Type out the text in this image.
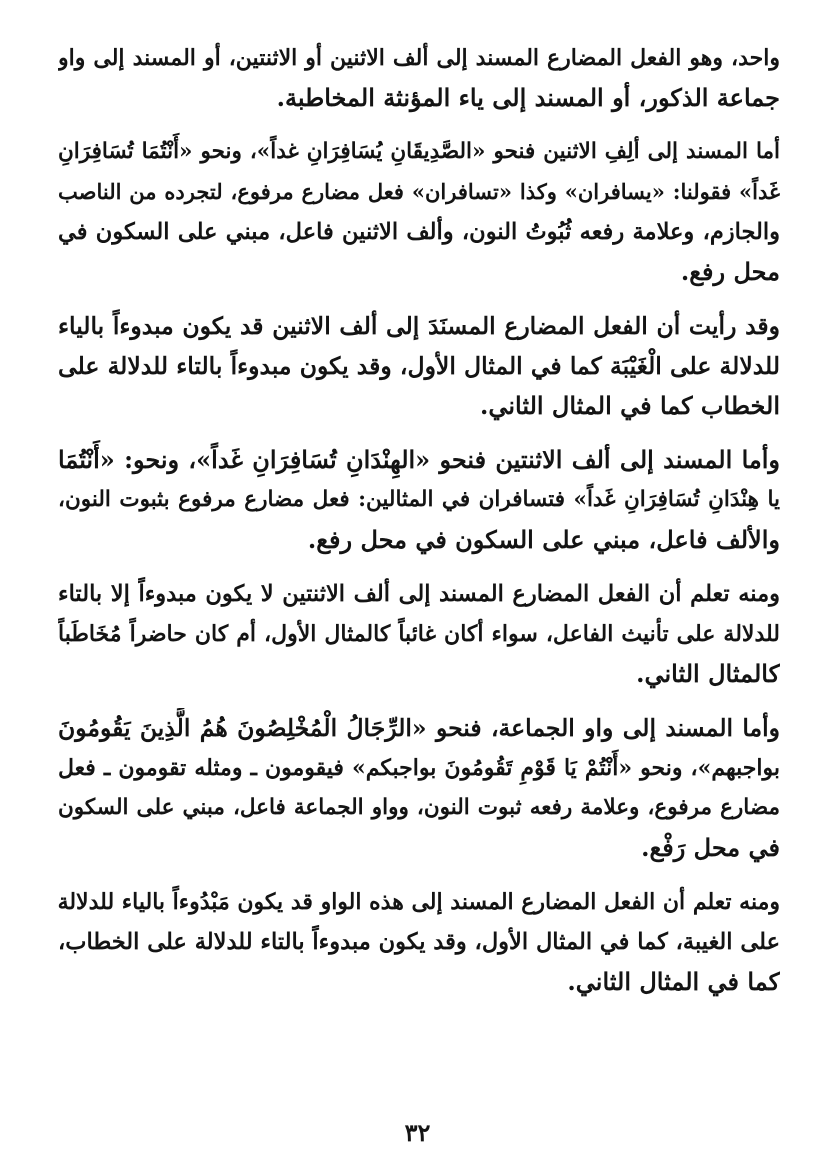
واحد، وهو الفعل المضارع المسند إلى ألف الاثنين أو الاثنتين، أو المسند إلى واو
جماعة الذكور، أو المسند إلى ياء المؤنثة المخاطبة.

أما المسند إلى ألِفِ الاثنين فنحو «الصَّدِيقَانِ يُسَافِرَانِ غداً»، ونحو «أَنْتُمَا تُسَافِرَانِ
غَداً» فقولنا: «يسافران» وكذا «تسافران» فعل مضارع مرفوع، لتجرده من الناصب
والجازم، وعلامة رفعه ثُبُوتُ النون، وألف الاثنين فاعل، مبني على السكون في
محل رفع.

وقد رأيت أن الفعل المضارع المسنَدَ إلى ألف الاثنين قد يكون مبدوءاً بالياء
للدلالة على الْغَيْبَة كما في المثال الأول، وقد يكون مبدوءاً بالتاء للدلالة على
الخطاب كما في المثال الثاني.

وأما المسند إلى ألف الاثنتين فنحو «الهِنْدَانِ تُسَافِرَانِ غَداً»، ونحو: «أَنْتُمَا
يا هِنْدَانِ تُسَافِرَانِ غَداً» فتسافران في المثالين: فعل مضارع مرفوع بثبوت النون،
والألف فاعل، مبني على السكون في محل رفع.

ومنه تعلم أن الفعل المضارع المسند إلى ألف الاثنتين لا يكون مبدوءاً إلا بالتاء
للدلالة على تأنيث الفاعل، سواء أكان غائباً كالمثال الأول، أم كان حاضراً مُخَاطَباً
كالمثال الثاني.

وأما المسند إلى واو الجماعة، فنحو «الرِّجَالُ الْمُخْلِصُونَ هُمُ الَّذِينَ يَقُومُونَ
بواجبهم»، ونحو «أَنْتُمْ يَا قَوْمِ تَقُومُونَ بواجبكم» فيقومون ـ ومثله تقومون ـ فعل
مضارع مرفوع، وعلامة رفعه ثبوت النون، وواو الجماعة فاعل، مبني على السكون
في محل رَفْع.

ومنه تعلم أن الفعل المضارع المسند إلى هذه الواو قد يكون مَبْدُوءاً بالياء للدلالة
على الغيبة، كما في المثال الأول، وقد يكون مبدوءاً بالتاء للدلالة على الخطاب،
كما في المثال الثاني.

٣٢
